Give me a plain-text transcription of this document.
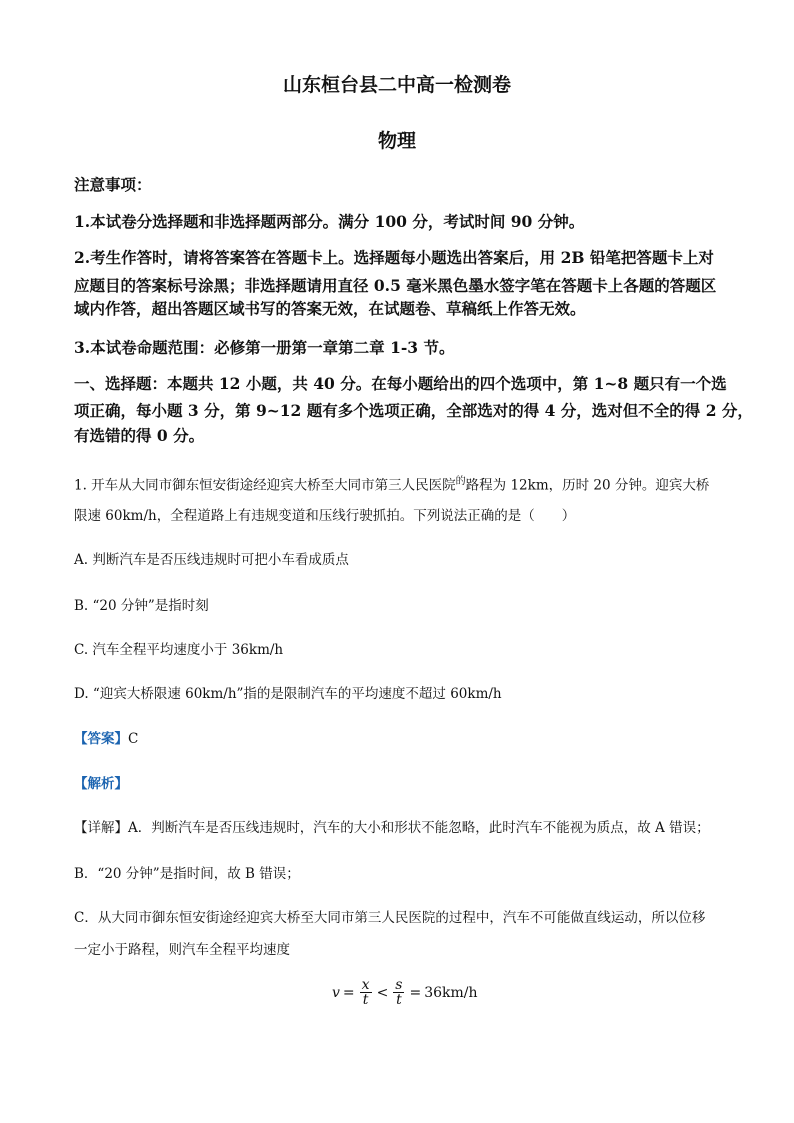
山东桓台县二中高一检测卷
物理
注意事项：
1.本试卷分选择题和非选择题两部分。满分 100 分，考试时间 90 分钟。
2.考生作答时，请将答案答在答题卡上。选择题每小题选出答案后，用 2B 铅笔把答题卡上对
应题目的答案标号涂黑；非选择题请用直径 0.5 毫米黑色墨水签字笔在答题卡上各题的答题区
域内作答，超出答题区域书写的答案无效，在试题卷、草稿纸上作答无效。
3.本试卷命题范围：必修第一册第一章第二章 1-3 节。
一、选择题：本题共 12 小题，共 40 分。在每小题给出的四个选项中，第 1~8 题只有一个选
项正确，每小题 3 分，第 9~12 题有多个选项正确，全部选对的得 4 分，选对但不全的得 2 分，
有选错的得 0 分。
1. 开车从大同市御东恒安街途经迎宾大桥至大同市第三人民医院$^的$路程为 12km，历时 20 分钟。迎宾大桥
限速 60km/h，全程道路上有违规变道和压线行驶抓拍。下列说法正确的是（　　）
A. 判断汽车是否压线违规时可把小车看成质点
B. “20 分钟”是指时刻
C. 汽车全程平均速度小于 36km/h
D. “迎宾大桥限速 60km/h”指的是限制汽车的平均速度不超过 60km/h
【答案】C
【解析】
【详解】A．判断汽车是否压线违规时，汽车的大小和形状不能忽略，此时汽车不能视为质点，故 A 错误；
B．“20 分钟”是指时间，故 B 错误；
C．从大同市御东恒安街途经迎宾大桥至大同市第三人民医院的过程中，汽车不可能做直线运动，所以位移
一定小于路程，则汽车全程平均速度
$v = \frac{x}{t} < \frac{s}{t} = 36km/h$
